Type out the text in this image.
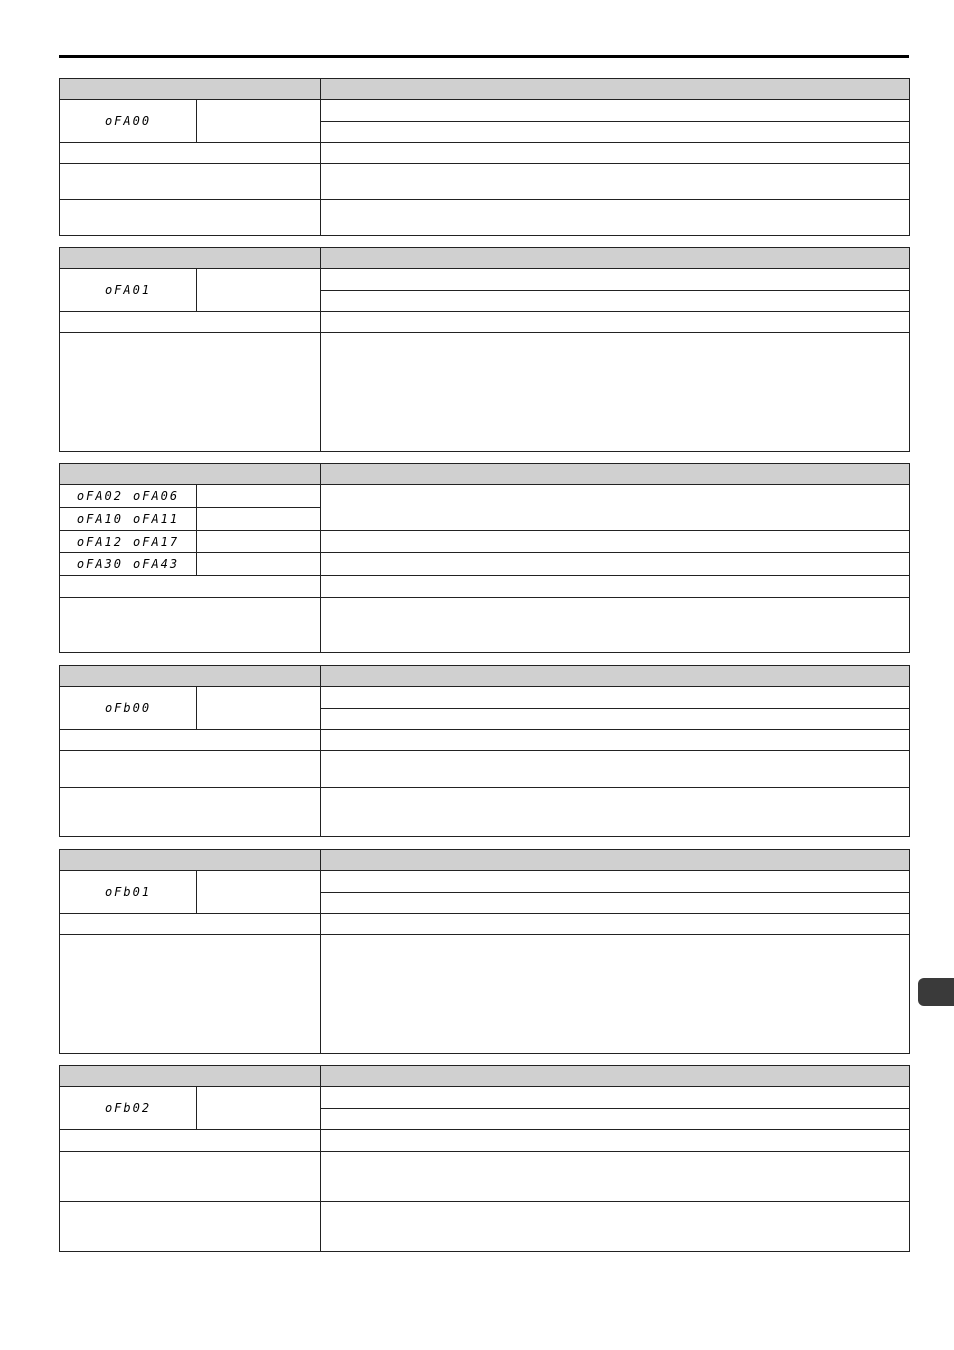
oFA00		

oFA01		

oFA02 oFA06		
oFA10 oFA11		
oFA12 oFA17		
oFA30 oFA43		

oFb00		

oFb01		

oFb02		
